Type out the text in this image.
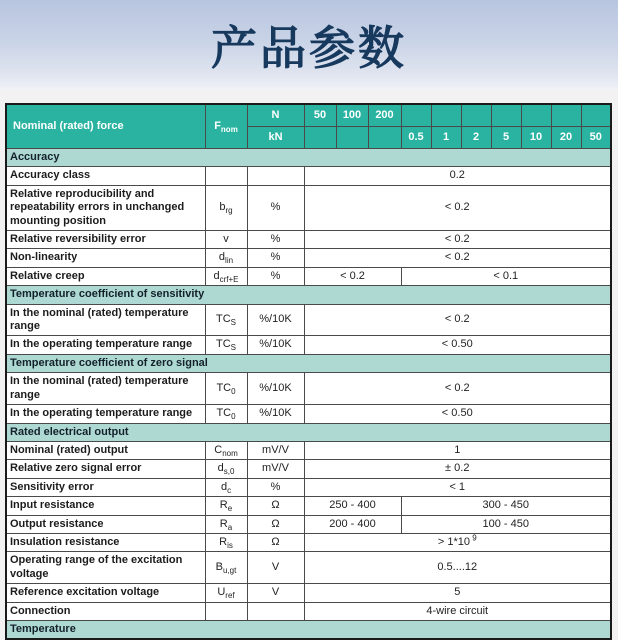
产品参数
Nominal (rated) force	$F_{nom}$	N	50	100	200							
		kN				0.5	1	2	5	10	20	50
Accuracy												
Accuracy class			0.2									
Relative reproducibility and repeatability errors in unchanged mounting position	$b_{rg}$	%	< 0.2									
Relative reversibility error	v	%	< 0.2									
Non-linearity	$d_{lin}$	%	< 0.2									
Relative creep	$d_{crf+E}$	%	< 0.2			< 0.1						
Temperature coefficient of sensitivity												
In the nominal (rated) temperature range	$TC_S$	%/10K	< 0.2									
In the operating temperature range	$TC_S$	%/10K	< 0.50									
Temperature coefficient of zero signal												
In the nominal (rated) temperature range	$TC_0$	%/10K	< 0.2									
In the operating temperature range	$TC_0$	%/10K	< 0.50									
Rated electrical output												
Nominal (rated) output	$C_{nom}$	mV/V	1									
Relative zero signal error	$d_{s,0}$	mV/V	± 0.2									
Sensitivity error	$d_c$	%	< 1									
Input resistance	$R_e$	Ω	250 - 400			300 - 450						
Output resistance	$R_a$	Ω	200 - 400			100 - 450						
Insulation resistance	$R_{is}$	Ω	> 1*10 $^9$
Operating range of the excitation voltage	$B_{u,gt}$	V	0.5....12									
Reference excitation voltage	$U_{ref}$	V	5									
Connection			4-wire circuit									
Temperature												
